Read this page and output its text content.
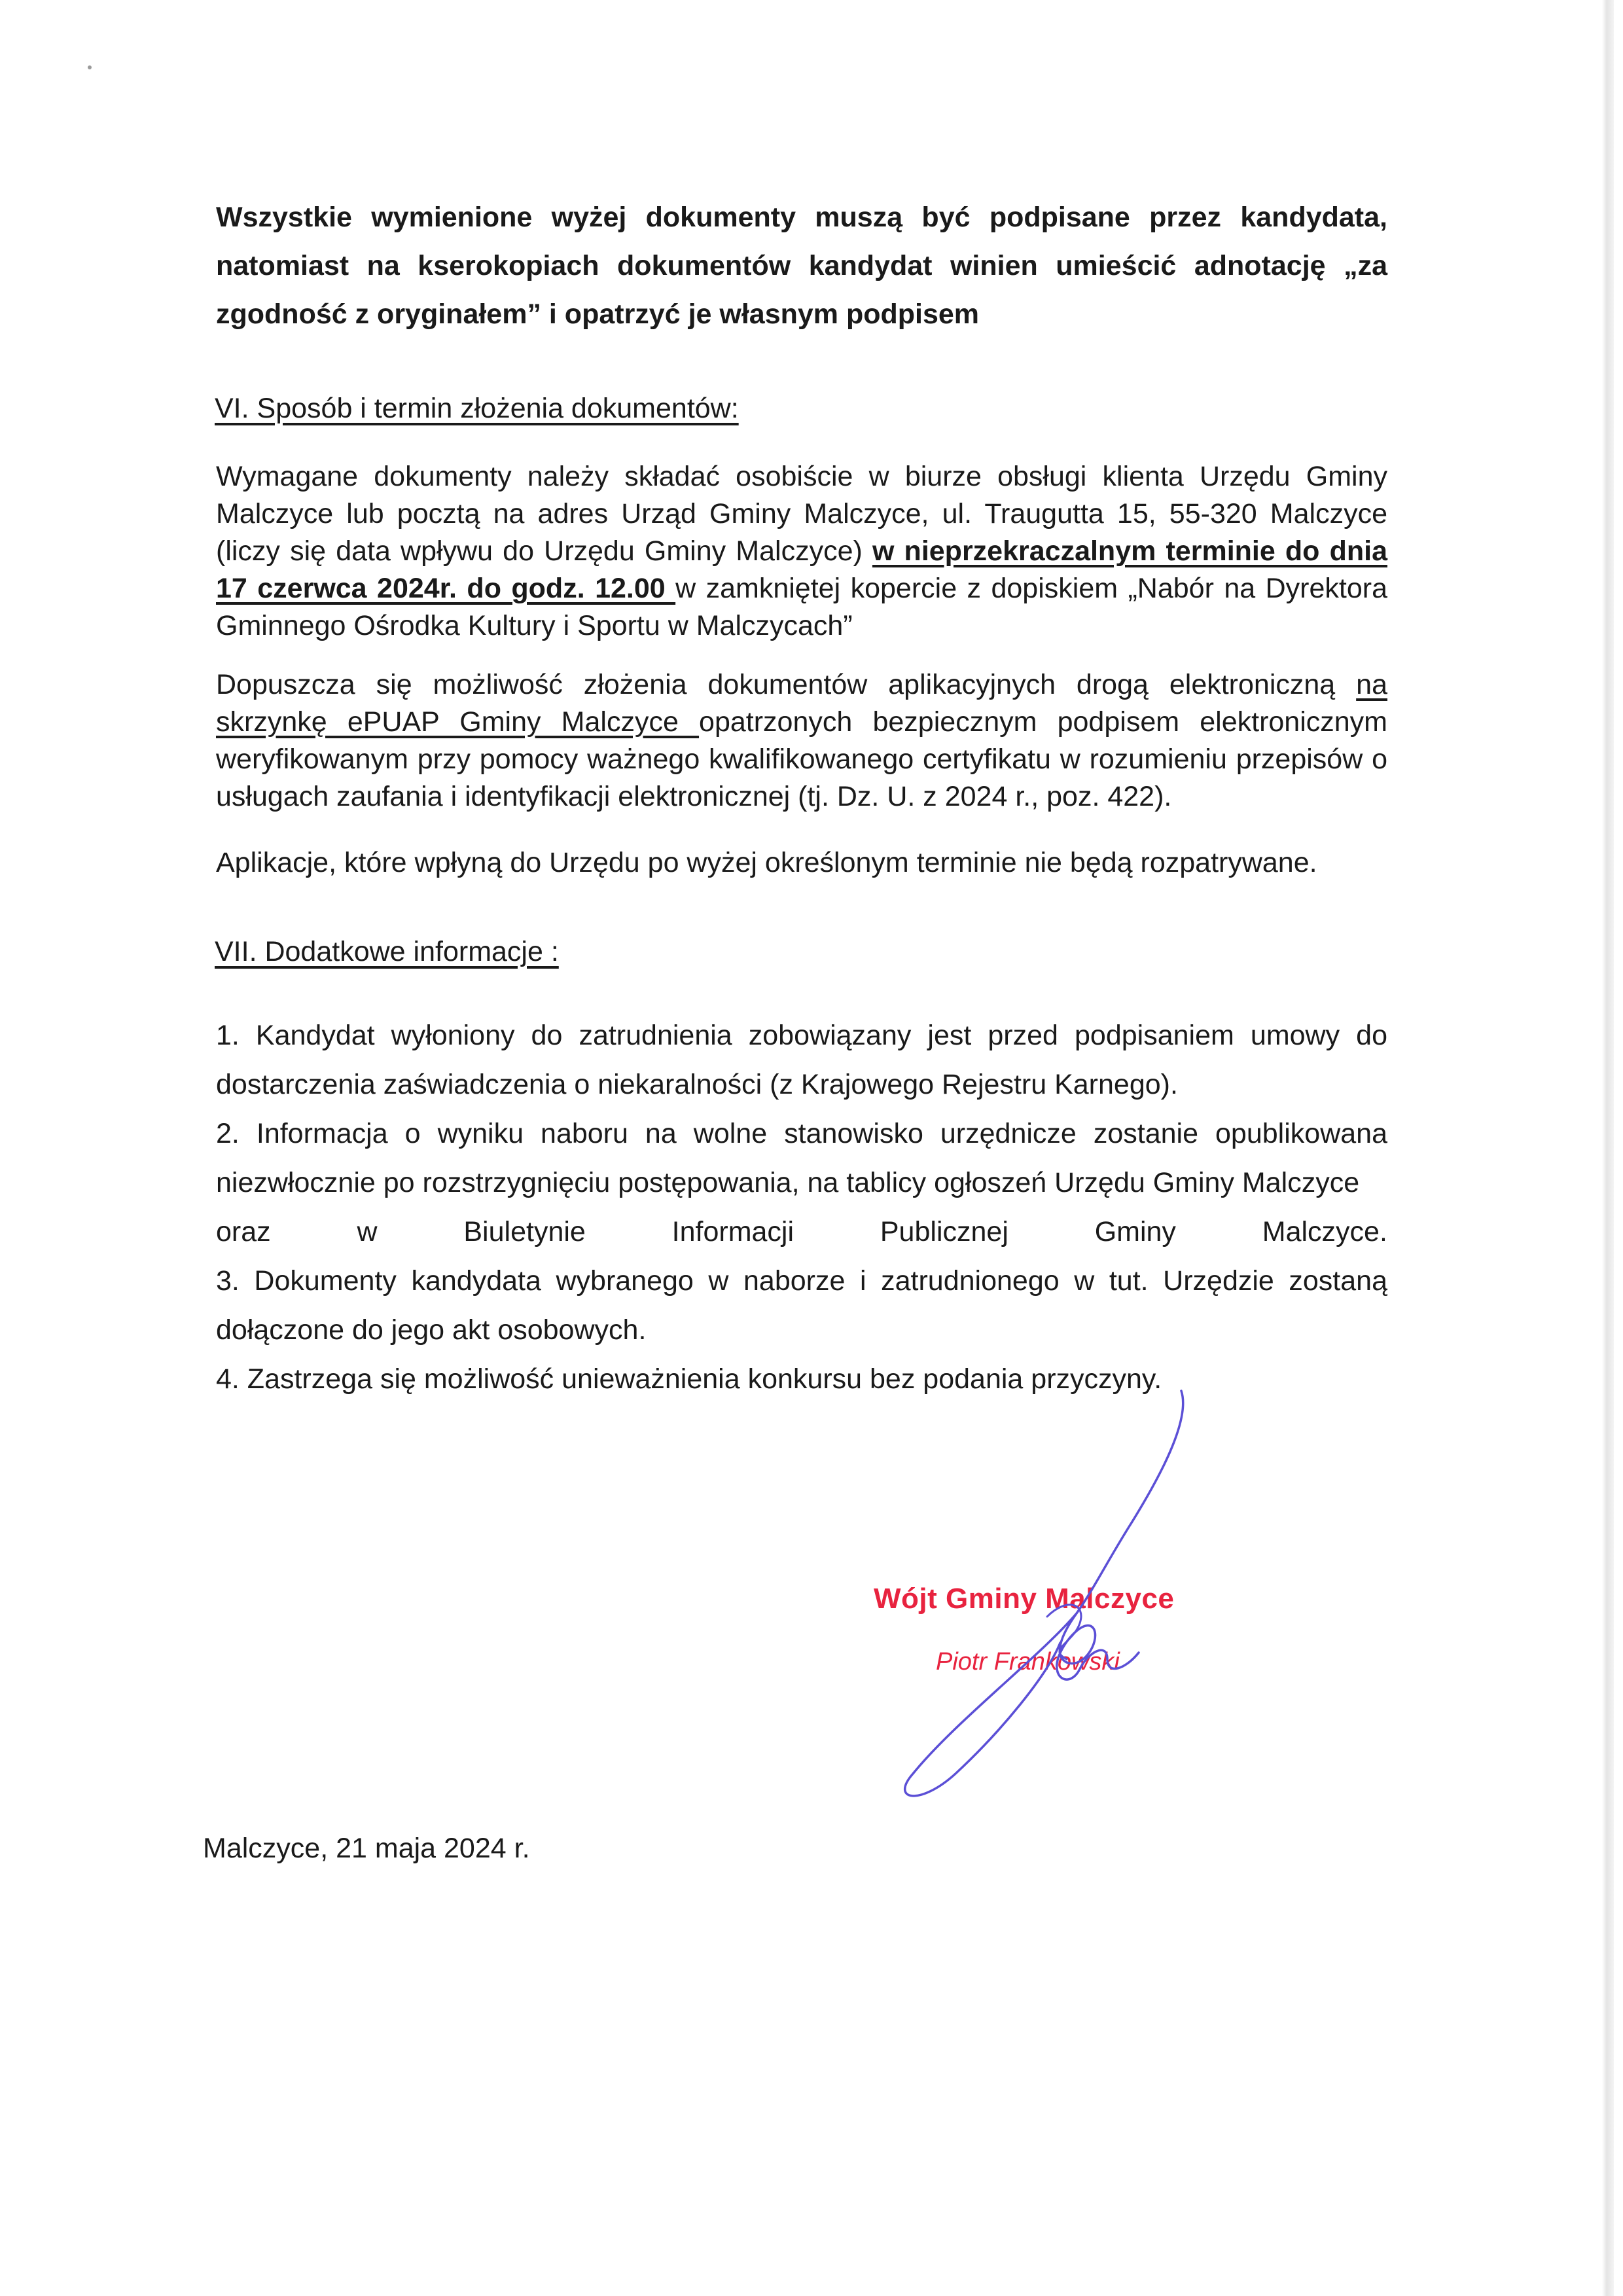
Wszystkie wymienione wyżej dokumenty muszą być podpisane przez kandydata, natomiast na kserokopiach dokumentów kandydat winien umieścić adnotację „za zgodność z oryginałem” i opatrzyć je własnym podpisem
VI. Sposób i termin złożenia dokumentów:
Wymagane dokumenty należy składać osobiście w biurze obsługi klienta Urzędu Gminy Malczyce lub pocztą na adres Urząd Gminy Malczyce, ul. Traugutta 15, 55-320 Malczyce (liczy się data wpływu do Urzędu Gminy Malczyce) w nieprzekraczalnym terminie do dnia 17 czerwca 2024r. do godz. 12.00 w zamkniętej kopercie z dopiskiem „Nabór na Dyrektora Gminnego Ośrodka Kultury i Sportu w Malczycach”
Dopuszcza się możliwość złożenia dokumentów aplikacyjnych drogą elektroniczną na skrzynkę ePUAP Gminy Malczyce opatrzonych bezpiecznym podpisem elektronicznym weryfikowanym przy pomocy ważnego kwalifikowanego certyfikatu w rozumieniu przepisów o usługach zaufania i identyfikacji elektronicznej (tj. Dz. U. z 2024 r., poz. 422).
Aplikacje, które wpłyną do Urzędu po wyżej określonym terminie nie będą rozpatrywane.
VII. Dodatkowe informacje :

1. Kandydat wyłoniony do zatrudnienia zobowiązany jest przed podpisaniem umowy do dostarczenia zaświadczenia o niekaralności (z Krajowego Rejestru Karnego).

2. Informacja o wyniku naboru na wolne stanowisko urzędnicze zostanie opublikowana niezwłocznie po rozstrzygnięciu postępowania, na tablicy ogłoszeń Urzędu Gminy Malczyce

oraz	w	Biuletynie	Informacji	Publicznej	Gminy	Malczyce.

3. Dokumenty kandydata wybranego w naborze i zatrudnionego w tut. Urzędzie zostaną dołączone do jego akt osobowych.

4. Zastrzega się możliwość unieważnienia konkursu bez podania przyczyny.

Wójt Gminy Malczyce
Piotr Frankowski
Malczyce, 21 maja 2024 r.
